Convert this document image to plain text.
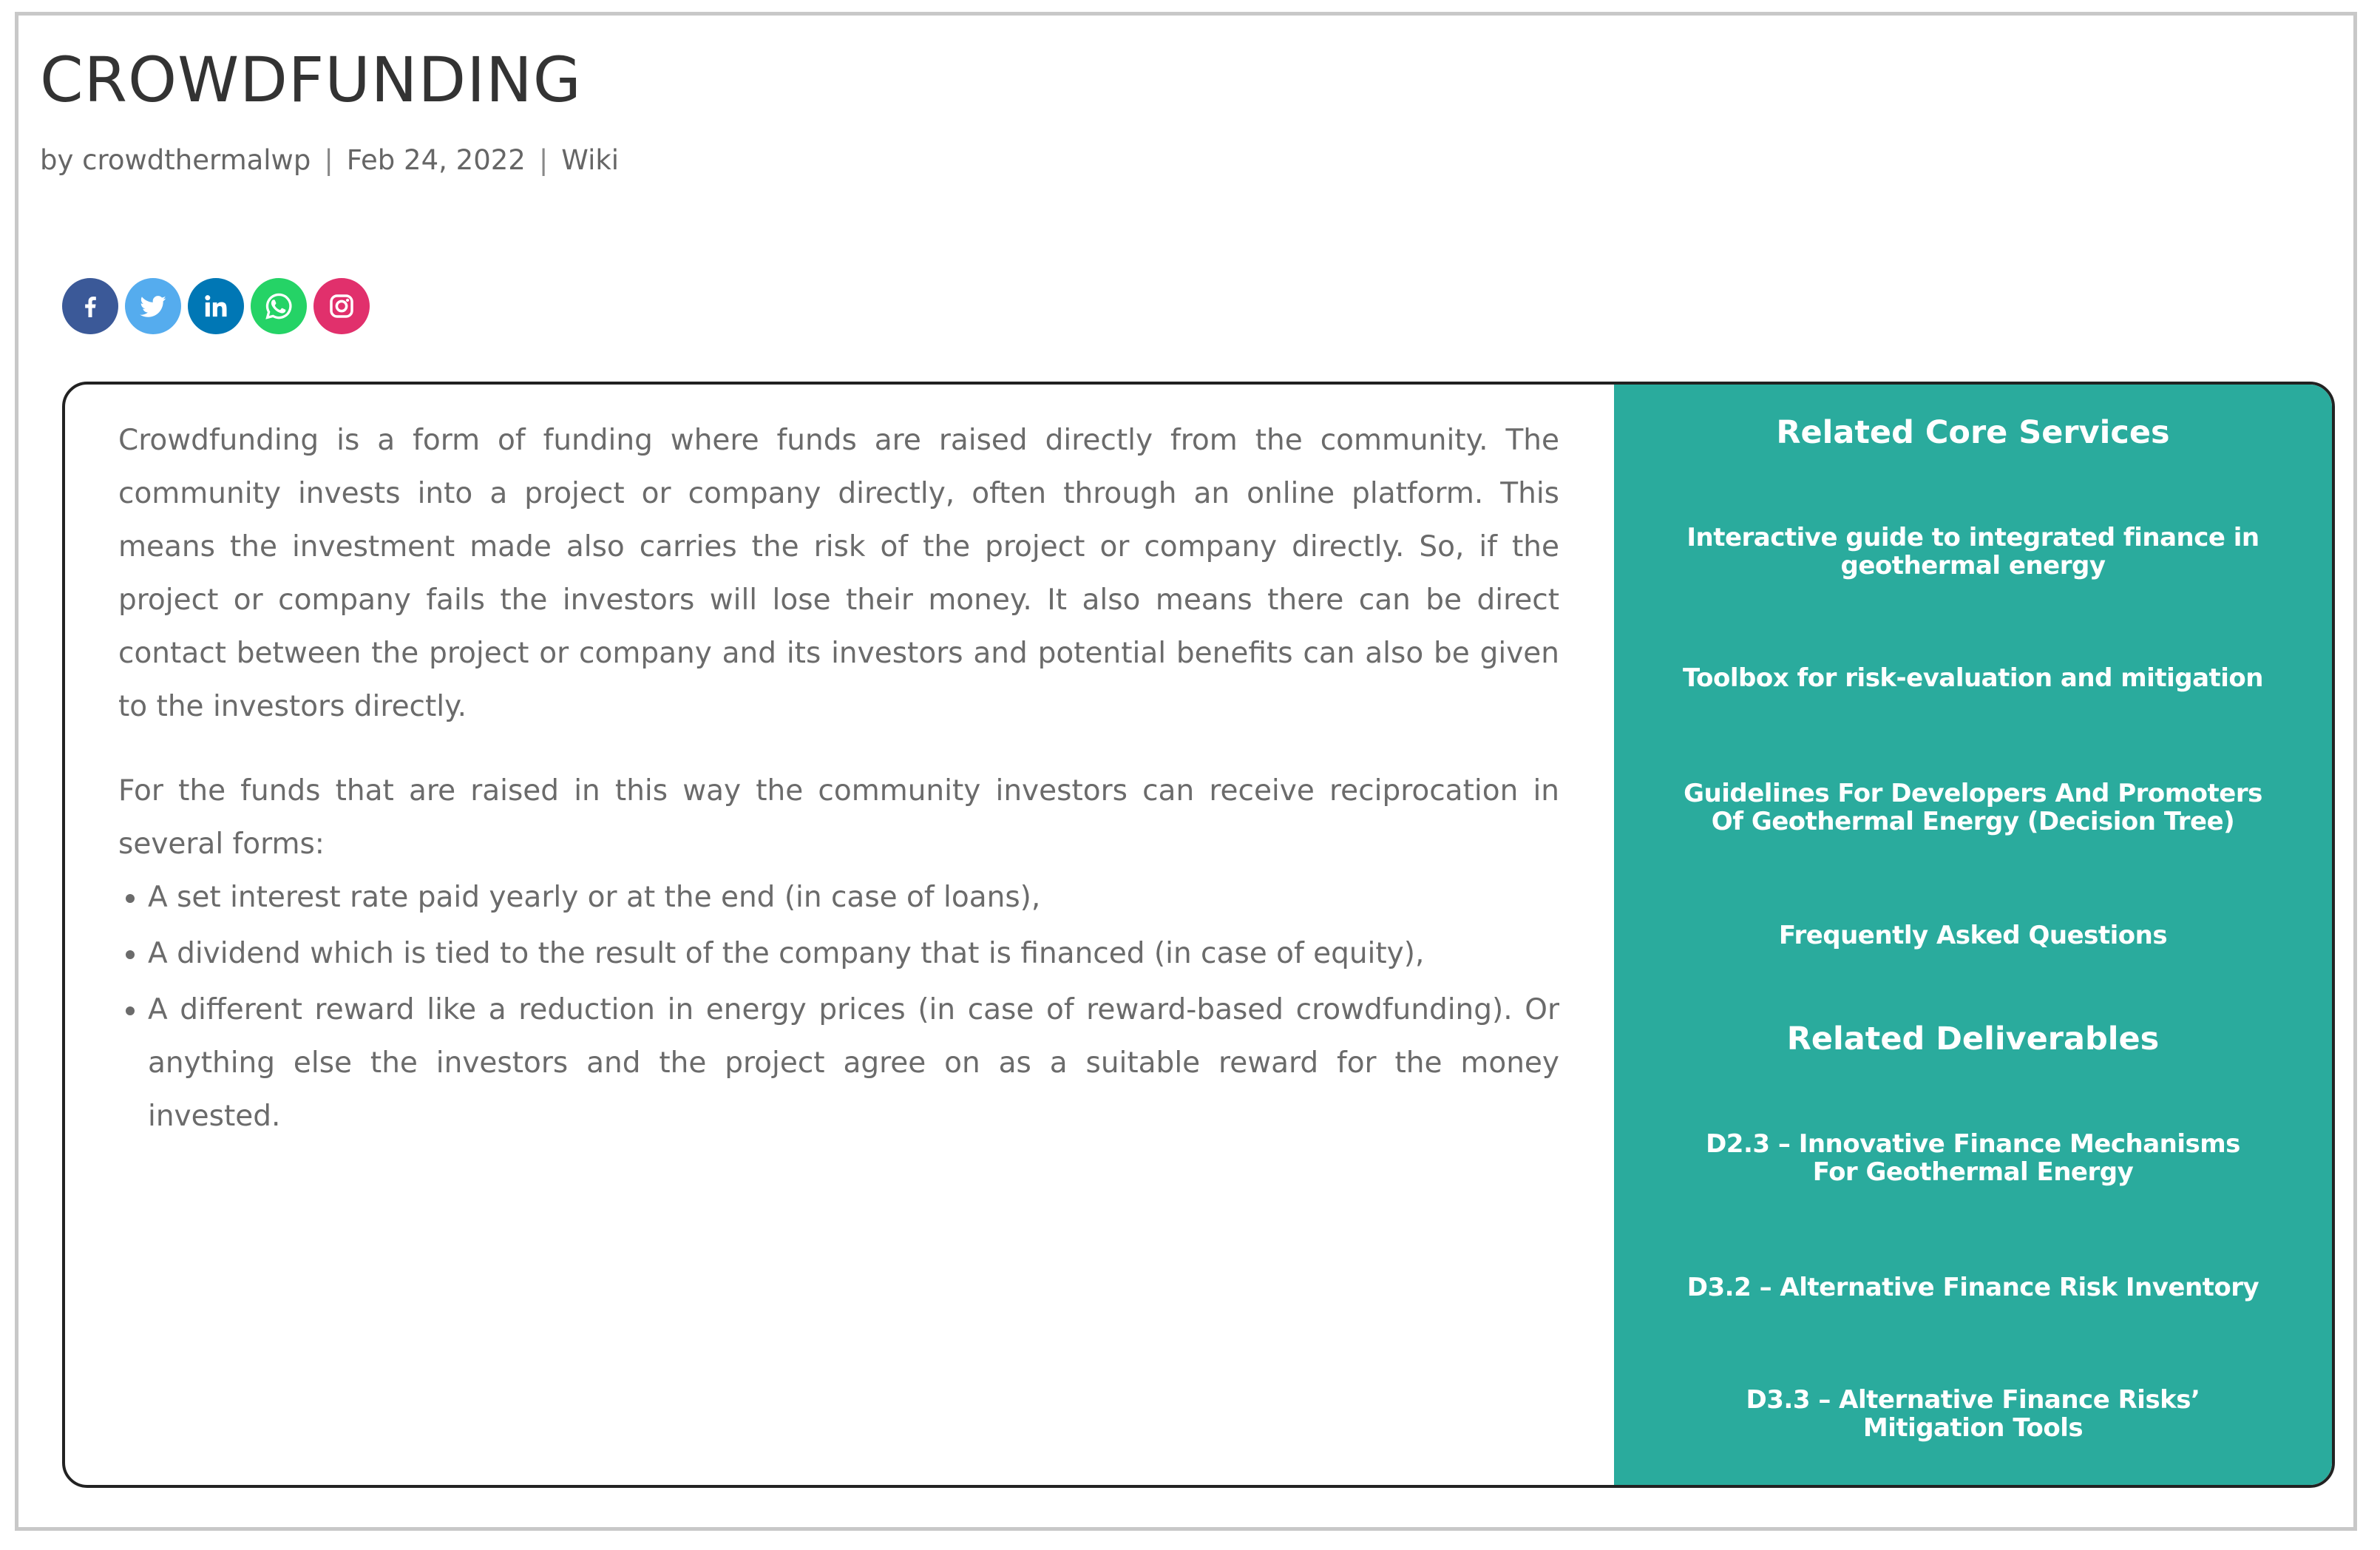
CROWDFUNDING
by crowdthermalwp | Feb 24, 2022 | Wiki

Crowdfunding is a form of funding where funds are raised directly from the community. The community invests into a project or company directly, often through an online platform. This means the investment made also carries the risk of the project or company directly. So, if the project or company fails the investors will lose their money. It also means there can be direct contact between the project or company and its investors and potential benefits can also be given to the investors directly.

For the funds that are raised in this way the community investors can receive reciprocation in several forms:

• A set interest rate paid yearly or at the end (in case of loans),
• A dividend which is tied to the result of the company that is financed (in case of equity),
• A different reward like a reduction in energy prices (in case of reward-based crowdfunding). Or anything else the investors and the project agree on as a suitable reward for the money invested.
Related Core Services
Interactive guide to integrated finance in geothermal energy
Toolbox for risk-evaluation and mitigation
Guidelines For Developers And Promoters Of Geothermal Energy (Decision Tree)
Frequently Asked Questions
Related Deliverables
D2.3 – Innovative Finance Mechanisms For Geothermal Energy
D3.2 – Alternative Finance Risk Inventory
D3.3 – Alternative Finance Risks’ Mitigation Tools
